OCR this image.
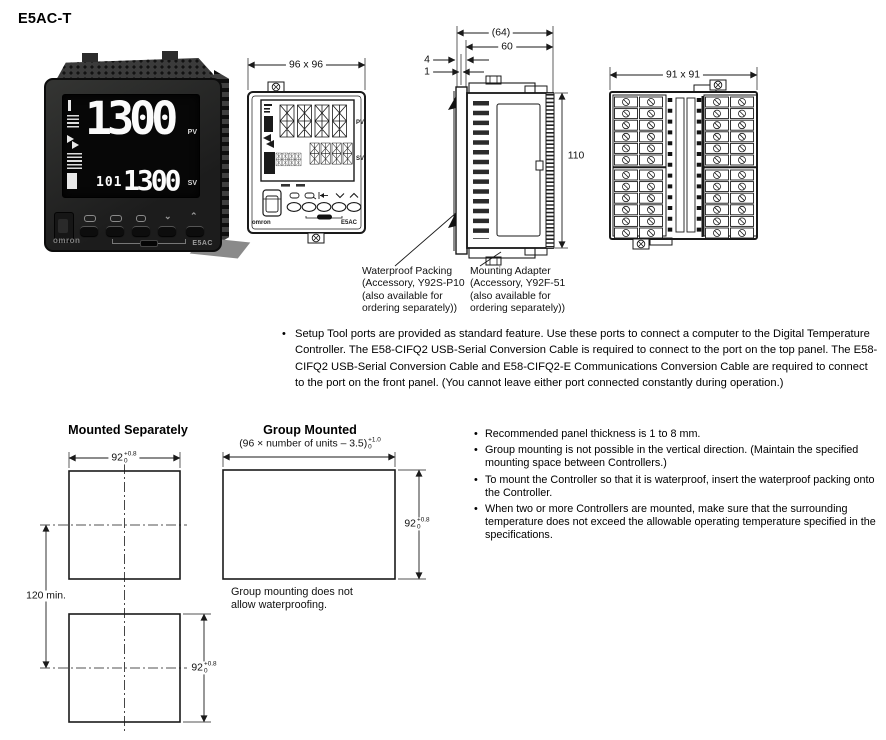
E5AC-T
1300 PV
101 1300 SV
⌄ ⌃
omron	E5AC
PV
SV
omron	E5AC
96 x 96
(64)
60
4
1
110
91 x 91
Waterproof Packing
(Accessory, Y92S-P10
(also available for
ordering separately))
Mounting Adapter
(Accessory, Y92F-51
(also available for
ordering separately))
• Setup Tool ports are provided as standard feature. Use these ports to connect a computer to the Digital Temperature Controller. The E58-CIFQ2 USB-Serial Conversion Cable is required to connect to the port on the top panel. The E58-CIFQ2 USB-Serial Conversion Cable and E58-CIFQ2-E Communications Conversion Cable are required to connect to the port on the front panel. (You cannot leave either port connected constantly during operation.)
Mounted Separately	Group Mounted
(96 × number of units – 3.5) +1.0
0
92 +0.8
0
92 +0.8
0
92 +0.8
0
120 min.	Group mounting does not
allow waterproofing.
• Recommended panel thickness is 1 to 8 mm.
• Group mounting is not possible in the vertical direction. (Maintain the specified mounting space between Controllers.)
• To mount the Controller so that it is waterproof, insert the waterproof packing onto the Controller.
• When two or more Controllers are mounted, make sure that the surrounding temperature does not exceed the allowable operating temperature specified in the specifications.
